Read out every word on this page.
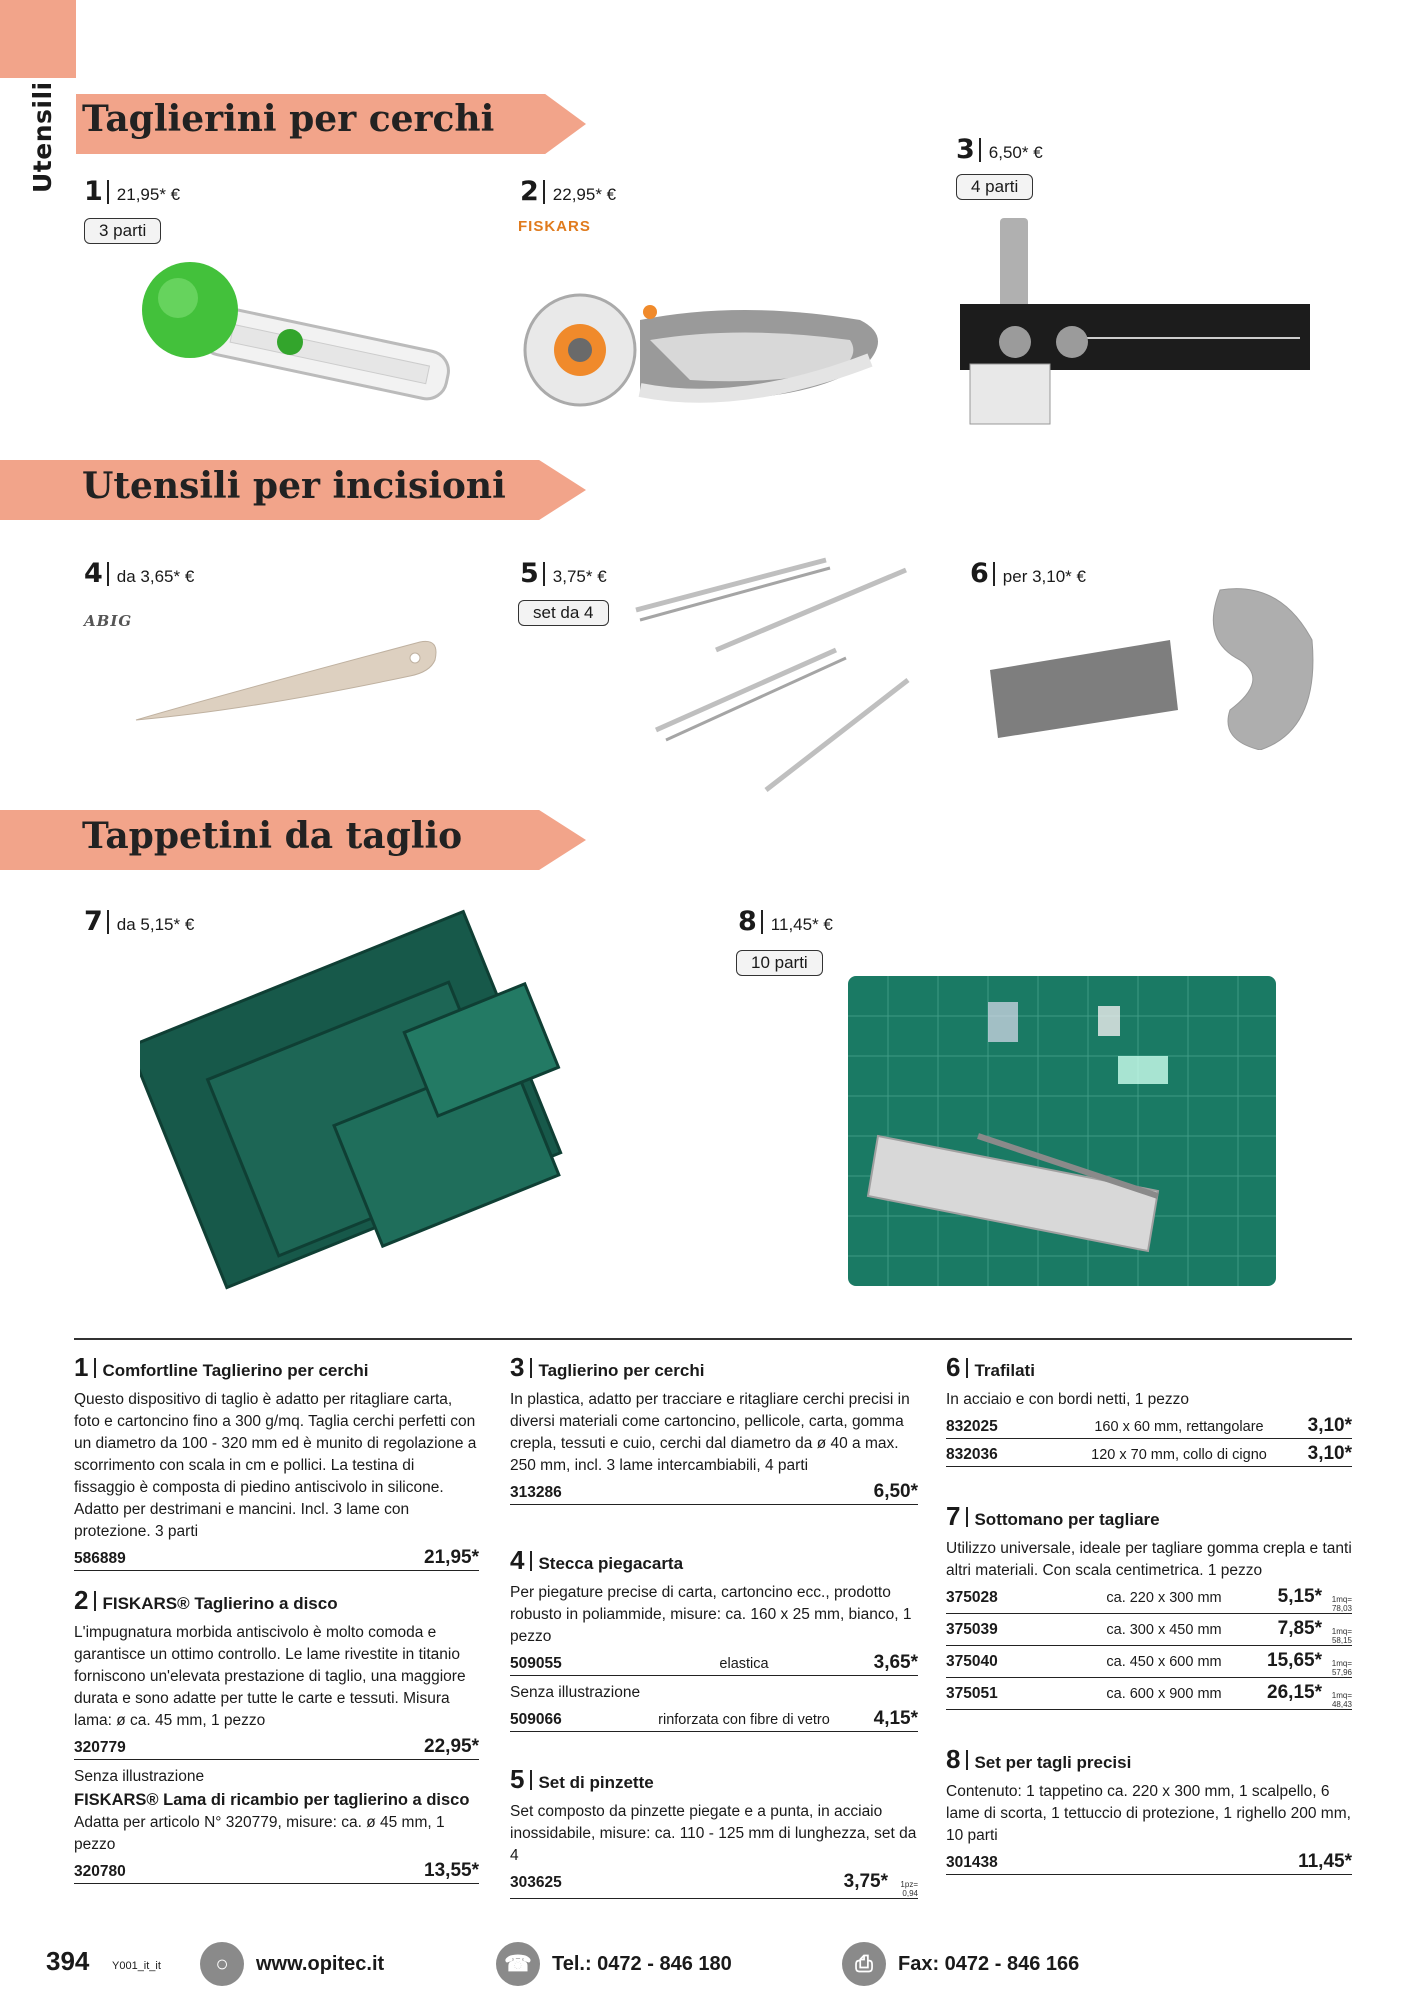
Utensili Taglierini per cerchi
Utensili per incisioni
Tappetini da taglio
1 21,95* €
3 parti
2 22,95* €
FISKARS
3 6,50* €
4 parti
4 da 3,65* €
ABIG
5 3,75* €
set da 4
6 per 3,10* €
7 da 5,15* €	8 11,45* €
10 parti
1 Comfortline Taglierino per cerchi

Questo dispositivo di taglio è adatto per ritagliare carta, foto e cartoncino fino a 300 g/mq. Taglia cerchi perfetti con un diametro da 100 - 320 mm ed è munito di regolazione a scorrimento con scala in cm e pollici. La testina di fissaggio è composta di piedino antiscivolo in silicone. Adatto per destrimani e mancini. Incl. 3 lame con protezione. 3 parti

586889	21,95*
2 FISKARS® Taglierino a disco

L'impugnatura morbida antiscivolo è molto comoda e garantisce un ottimo controllo. Le lame rivestite in titanio forniscono un'elevata prestazione di taglio, una maggiore durata e sono adatte per tutte le carte e tessuti. Misura lama: ø ca. 45 mm, 1 pezzo

320779	22,95*
Senza illustrazione
FISKARS® Lama di ricambio per taglierino a disco

Adatta per articolo N° 320779, misure: ca. ø 45 mm, 1 pezzo

320780	13,55*
3 Taglierino per cerchi

In plastica, adatto per tracciare e ritagliare cerchi precisi in diversi materiali come cartoncino, pellicole, carta, gomma crepla, tessuti e cuio, cerchi dal diametro da ø 40 a max. 250 mm, incl. 3 lame intercambiabili, 4 parti

313286	6,50*
4 Stecca piegacarta

Per piegature precise di carta, cartoncino ecc., prodotto robusto in poliammide, misure: ca. 160 x 25 mm, bianco, 1 pezzo

509055	elastica	3,65*
Senza illustrazione
509066	rinforzata con fibre di vetro	4,15*
5 Set di pinzette

Set composto da pinzette piegate e a punta, in acciaio inossidabile, misure: ca. 110 - 125 mm di lunghezza, set da 4

303625	3,75*	1pz= 0,94
6 Trafilati

In acciaio e con bordi netti, 1 pezzo

832025	160 x 60 mm, rettangolare	3,10*
832036	120 x 70 mm, collo di cigno	3,10*
7 Sottomano per tagliare

Utilizzo universale, ideale per tagliare gomma crepla e tanti altri materiali. Con scala centimetrica. 1 pezzo

375028	ca. 220 x 300 mm	5,15*	1mq= 78,03
375039	ca. 300 x 450 mm	7,85*	1mq= 58,15
375040	ca. 450 x 600 mm	15,65*	1mq= 57,96
375051	ca. 600 x 900 mm	26,15*	1mq= 48,43
8 Set per tagli precisi

Contenuto: 1 tappetino ca. 220 x 300 mm, 1 scalpello, 6 lame di scorta, 1 tettuccio di protezione, 1 righello 200 mm, 10 parti

301438	11,45*
394 Y001_it_it	○	www.opitec.it	☎	Tel.: 0472 - 846 180	⎙	Fax: 0472 - 846 166
